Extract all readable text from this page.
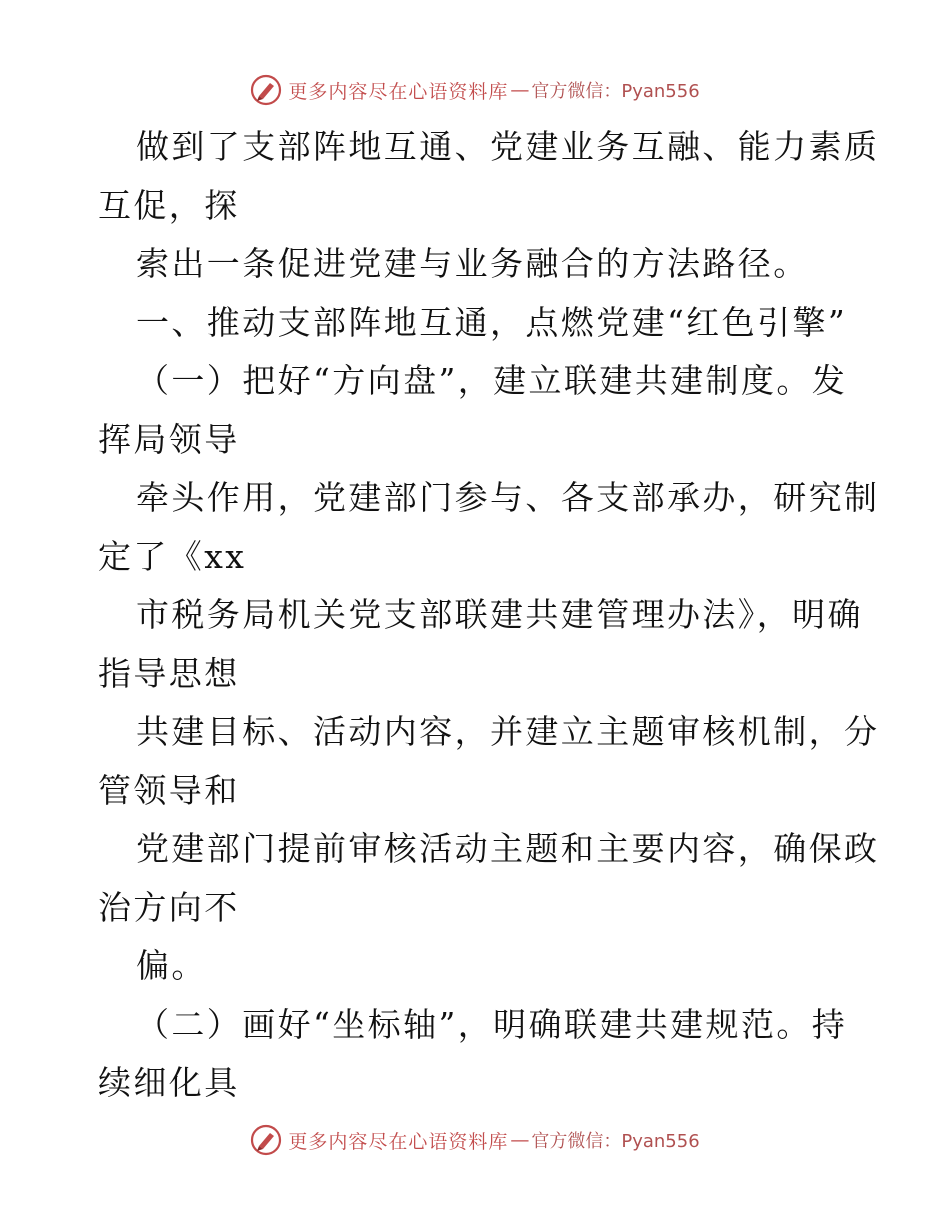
更多内容尽在心语资料库 — 官方微信：Pyan556
做到了支部阵地互通、党建业务互融、能力素质
互促，探
索出一条促进党建与业务融合的方法路径。
一、推动支部阵地互通，点燃党建“红色引擎”
（一）把好“方向盘”，建立联建共建制度。发
挥局领导
牵头作用，党建部门参与、各支部承办，研究制
定了《xx
市税务局机关党支部联建共建管理办法》，明确
指导思想
共建目标、活动内容，并建立主题审核机制，分
管领导和
党建部门提前审核活动主题和主要内容，确保政
治方向不
偏。
（二）画好“坐标轴”，明确联建共建规范。持
续细化具
更多内容尽在心语资料库 — 官方微信：Pyan556
